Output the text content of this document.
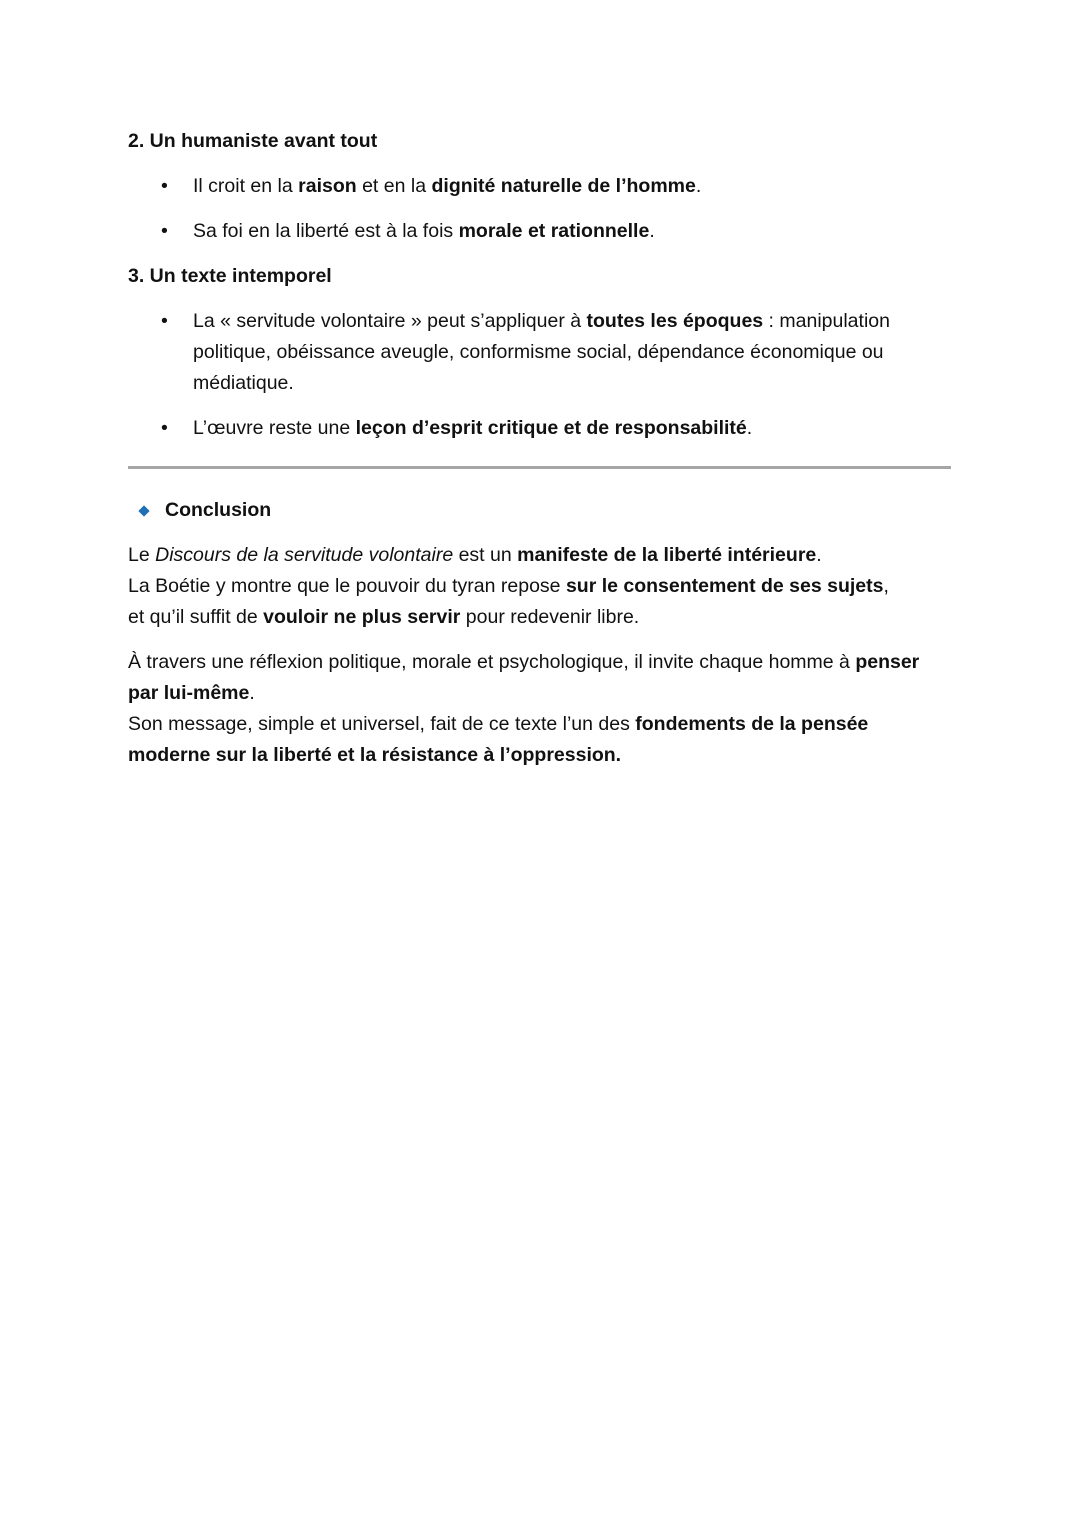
2. Un humaniste avant tout
• Il croit en la raison et en la dignité naturelle de l’homme.
• Sa foi en la liberté est à la fois morale et rationnelle.
3. Un texte intemporel
• La « servitude volontaire » peut s’appliquer à toutes les époques : manipulation politique, obéissance aveugle, conformisme social, dépendance économique ou médiatique.
• L’œuvre reste une leçon d’esprit critique et de responsabilité.
Conclusion

Le Discours de la servitude volontaire est un manifeste de la liberté intérieure.
La Boétie y montre que le pouvoir du tyran repose sur le consentement de ses sujets,
et qu’il suffit de vouloir ne plus servir pour redevenir libre.

À travers une réflexion politique, morale et psychologique, il invite chaque homme à penser par lui-même.
Son message, simple et universel, fait de ce texte l’un des fondements de la pensée moderne sur la liberté et la résistance à l’oppression.
